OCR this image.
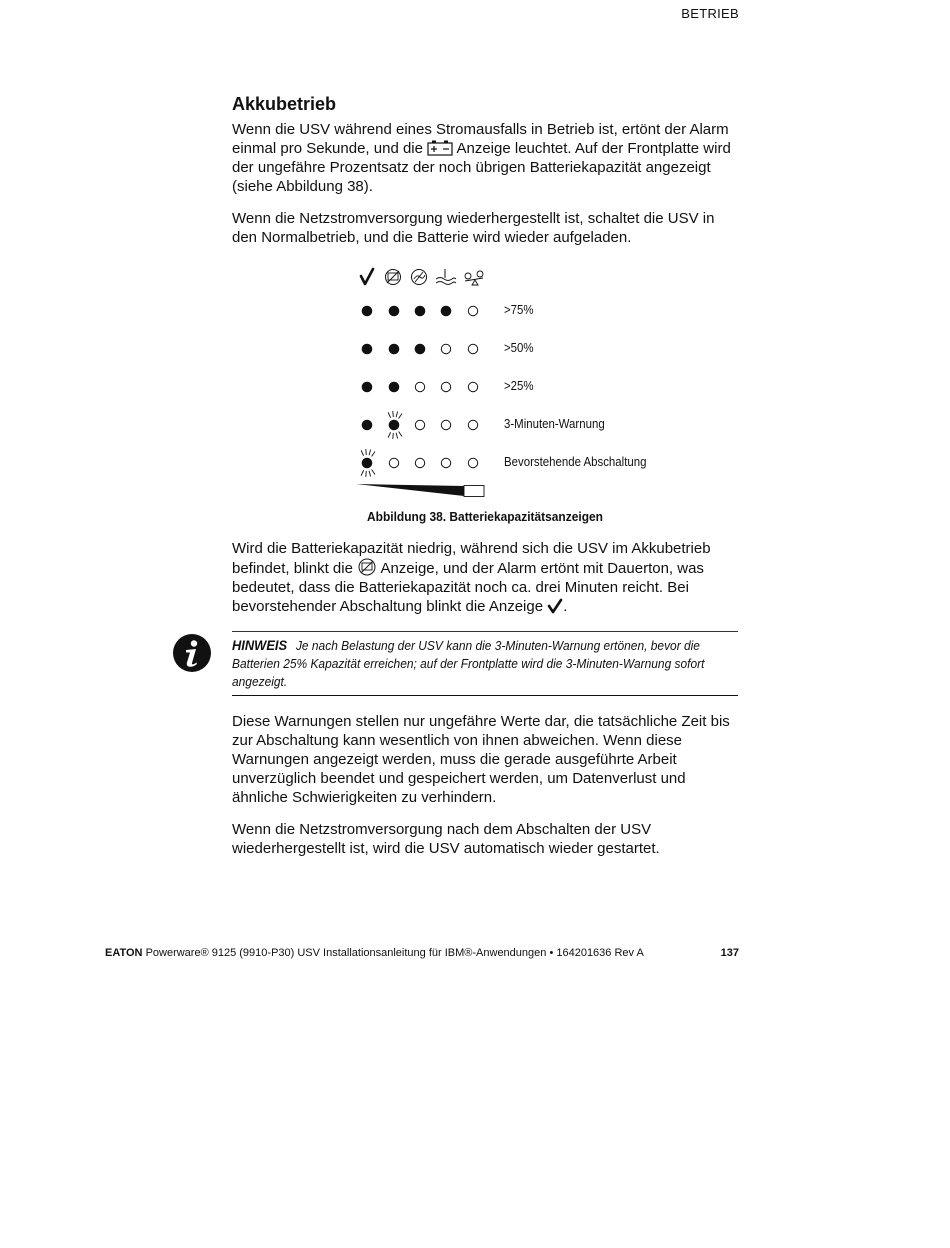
BETRIEB
Akkubetrieb

Wenn die USV während eines Stromausfalls in Betrieb ist, ertönt der Alarm einmal pro Sekunde, und die Anzeige leuchtet. Auf der Frontplatte wird der ungefähre Prozentsatz der noch übrigen Batteriekapazität angezeigt (siehe Abbildung 38).

Wenn die Netzstromversorgung wiederhergestellt ist, schaltet die USV in den Normalbetrieb, und die Batterie wird wieder aufgeladen.

>75%
>50%
>25%
3-Minuten-Warnung
Bevorstehende Abschaltung
Abbildung 38. Batteriekapazitätsanzeigen

Wird die Batteriekapazität niedrig, während sich die USV im Akkubetrieb befindet, blinkt die Anzeige, und der Alarm ertönt mit Dauerton, was bedeutet, dass die Batteriekapazität noch ca. drei Minuten reicht. Bei bevorstehender Abschaltung blinkt die Anzeige .

HINWEIS Je nach Belastung der USV kann die 3-Minuten-Warnung ertönen, bevor die Batterien 25% Kapazität erreichen; auf der Frontplatte wird die 3-Minuten-Warnung sofort angezeigt.

Diese Warnungen stellen nur ungefähre Werte dar, die tatsächliche Zeit bis zur Abschaltung kann wesentlich von ihnen abweichen. Wenn diese Warnungen angezeigt werden, muss die gerade ausgeführte Arbeit unverzüglich beendet und gespeichert werden, um Datenverlust und ähnliche Schwierigkeiten zu verhindern.

Wenn die Netzstromversorgung nach dem Abschalten der USV wiederhergestellt ist, wird die USV automatisch wieder gestartet.

EATON Powerware® 9125 (9910-P30) USV Installationsanleitung für IBM®-Anwendungen • 164201636 Rev A	137
